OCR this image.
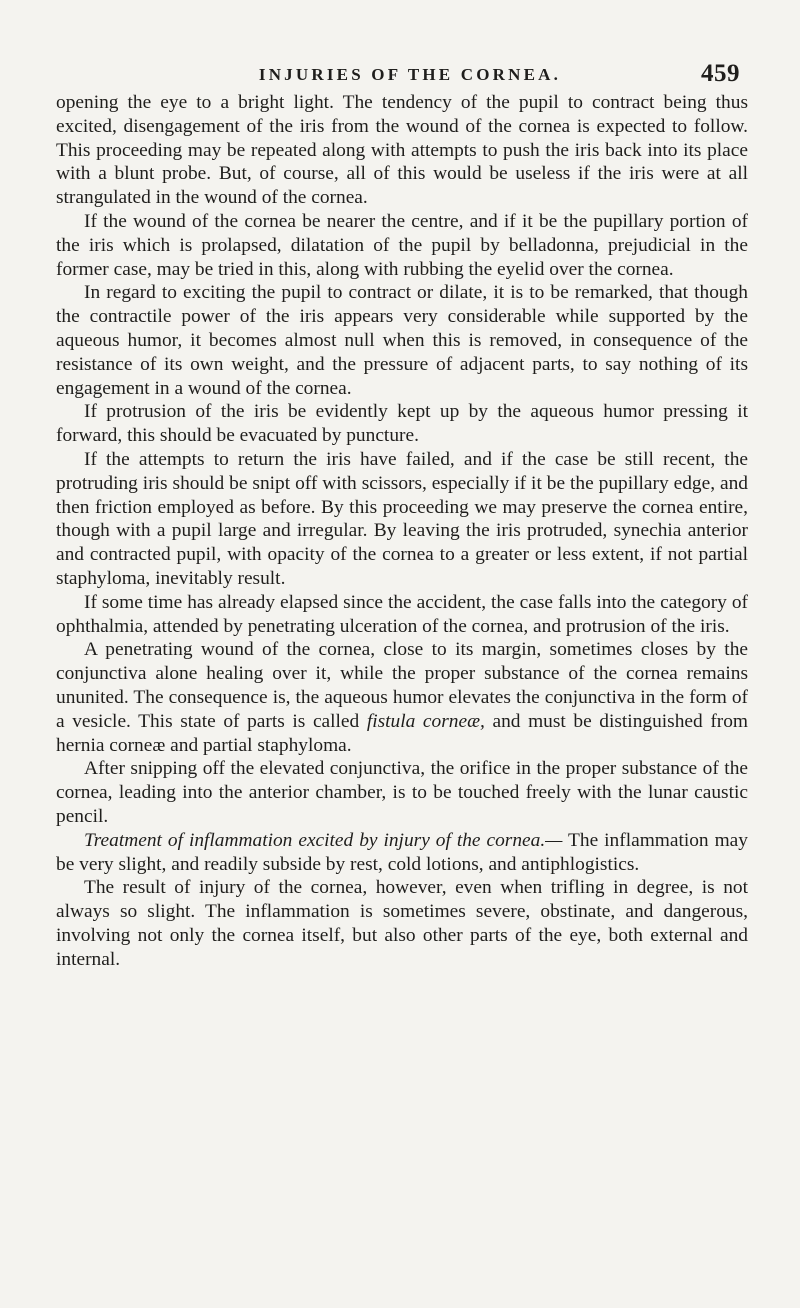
INJURIES OF THE CORNEA.	459

opening the eye to a bright light. The tendency of the pupil to contract being thus excited, disengagement of the iris from the wound of the cornea is expected to follow. This proceeding may be repeated along with attempts to push the iris back into its place with a blunt probe. But, of course, all of this would be useless if the iris were at all strangulated in the wound of the cornea.

If the wound of the cornea be nearer the centre, and if it be the pupillary portion of the iris which is prolapsed, dilatation of the pupil by belladonna, prejudicial in the former case, may be tried in this, along with rubbing the eyelid over the cornea.

In regard to exciting the pupil to contract or dilate, it is to be remarked, that though the contractile power of the iris appears very considerable while supported by the aqueous humor, it becomes almost null when this is removed, in consequence of the resistance of its own weight, and the pressure of adjacent parts, to say nothing of its engagement in a wound of the cornea.

If protrusion of the iris be evidently kept up by the aqueous humor pressing it forward, this should be evacuated by puncture.

If the attempts to return the iris have failed, and if the case be still recent, the protruding iris should be snipt off with scissors, especially if it be the pupillary edge, and then friction employed as before. By this proceeding we may preserve the cornea entire, though with a pupil large and irregular. By leaving the iris protruded, synechia anterior and contracted pupil, with opacity of the cornea to a greater or less extent, if not partial staphyloma, inevitably result.

If some time has already elapsed since the accident, the case falls into the category of ophthalmia, attended by penetrating ulceration of the cornea, and protrusion of the iris.

A penetrating wound of the cornea, close to its margin, sometimes closes by the conjunctiva alone healing over it, while the proper substance of the cornea remains ununited. The consequence is, the aqueous humor elevates the conjunctiva in the form of a vesicle. This state of parts is called fistula corneæ, and must be distinguished from hernia corneæ and partial staphyloma.

After snipping off the elevated conjunctiva, the orifice in the proper substance of the cornea, leading into the anterior chamber, is to be touched freely with the lunar caustic pencil.

Treatment of inflammation excited by injury of the cornea.— The inflammation may be very slight, and readily subside by rest, cold lotions, and antiphlogistics.

The result of injury of the cornea, however, even when trifling in degree, is not always so slight. The inflammation is sometimes severe, obstinate, and dangerous, involving not only the cornea itself, but also other parts of the eye, both external and internal.
